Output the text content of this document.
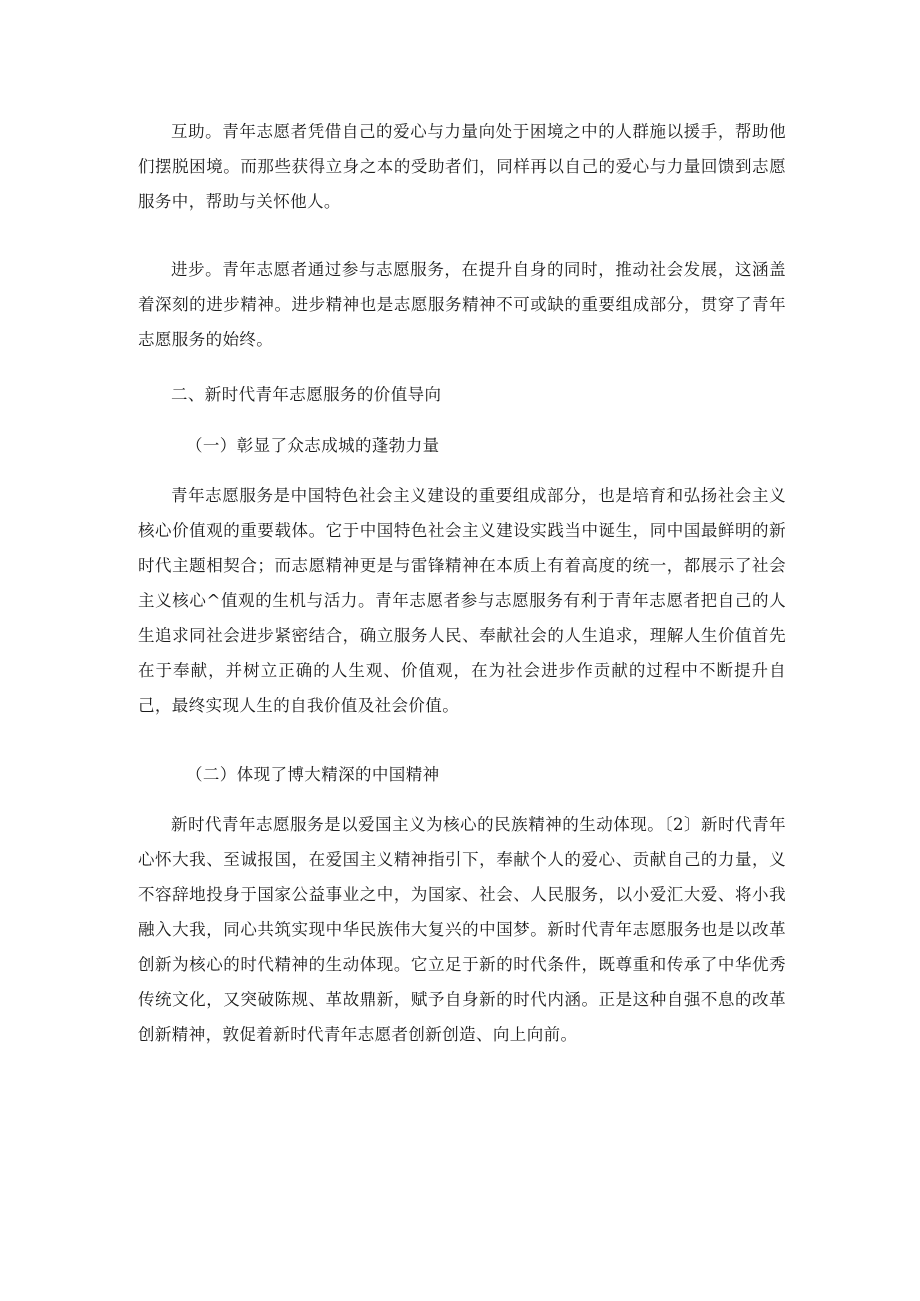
互助。青年志愿者凭借自己的爱心与力量向处于困境之中的人群施以援手，帮助他们摆脱困境。而那些获得立身之本的受助者们，同样再以自己的爱心与力量回馈到志愿服务中，帮助与关怀他人。

进步。青年志愿者通过参与志愿服务，在提升自身的同时，推动社会发展，这涵盖着深刻的进步精神。进步精神也是志愿服务精神不可或缺的重要组成部分，贯穿了青年志愿服务的始终。

二、新时代青年志愿服务的价值导向
（一）彰显了众志成城的蓬勃力量

青年志愿服务是中国特色社会主义建设的重要组成部分，也是培育和弘扬社会主义核心价值观的重要载体。它于中国特色社会主义建设实践当中诞生，同中国最鲜明的新时代主题相契合；而志愿精神更是与雷锋精神在本质上有着高度的统一，都展示了社会主义核心^值观的生机与活力。青年志愿者参与志愿服务有利于青年志愿者把自己的人生追求同社会进步紧密结合，确立服务人民、奉献社会的人生追求，理解人生价值首先在于奉献，并树立正确的人生观、价值观，在为社会进步作贡献的过程中不断提升自己，最终实现人生的自我价值及社会价值。

（二）体现了博大精深的中国精神

新时代青年志愿服务是以爱国主义为核心的民族精神的生动体现。〔2〕新时代青年心怀大我、至诚报国，在爱国主义精神指引下，奉献个人的爱心、贡献自己的力量，义不容辞地投身于国家公益事业之中，为国家、社会、人民服务，以小爱汇大爱、将小我融入大我，同心共筑实现中华民族伟大复兴的中国梦。新时代青年志愿服务也是以改革创新为核心的时代精神的生动体现。它立足于新的时代条件，既尊重和传承了中华优秀传统文化，又突破陈规、革故鼎新，赋予自身新的时代内涵。正是这种自强不息的改革创新精神，敦促着新时代青年志愿者创新创造、向上向前。
